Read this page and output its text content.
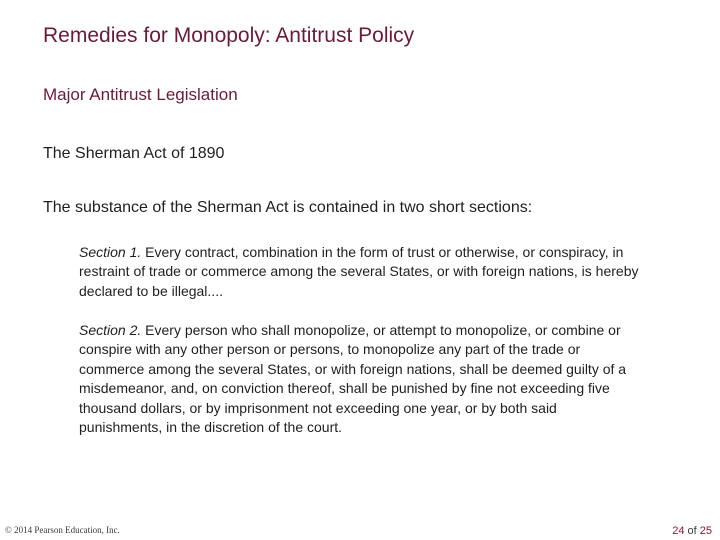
Remedies for Monopoly: Antitrust Policy
Major Antitrust Legislation
The Sherman Act of 1890
The substance of the Sherman Act is contained in two short sections:
Section 1. Every contract, combination in the form of trust or otherwise, or conspiracy, in restraint of trade or commerce among the several States, or with foreign nations, is hereby declared to be illegal....
Section 2. Every person who shall monopolize, or attempt to monopolize, or combine or conspire with any other person or persons, to monopolize any part of the trade or commerce among the several States, or with foreign nations, shall be deemed guilty of a misdemeanor, and, on conviction thereof, shall be punished by fine not exceeding five thousand dollars, or by imprisonment not exceeding one year, or by both said punishments, in the discretion of the court.
© 2014 Pearson Education, Inc.	24 of 25
